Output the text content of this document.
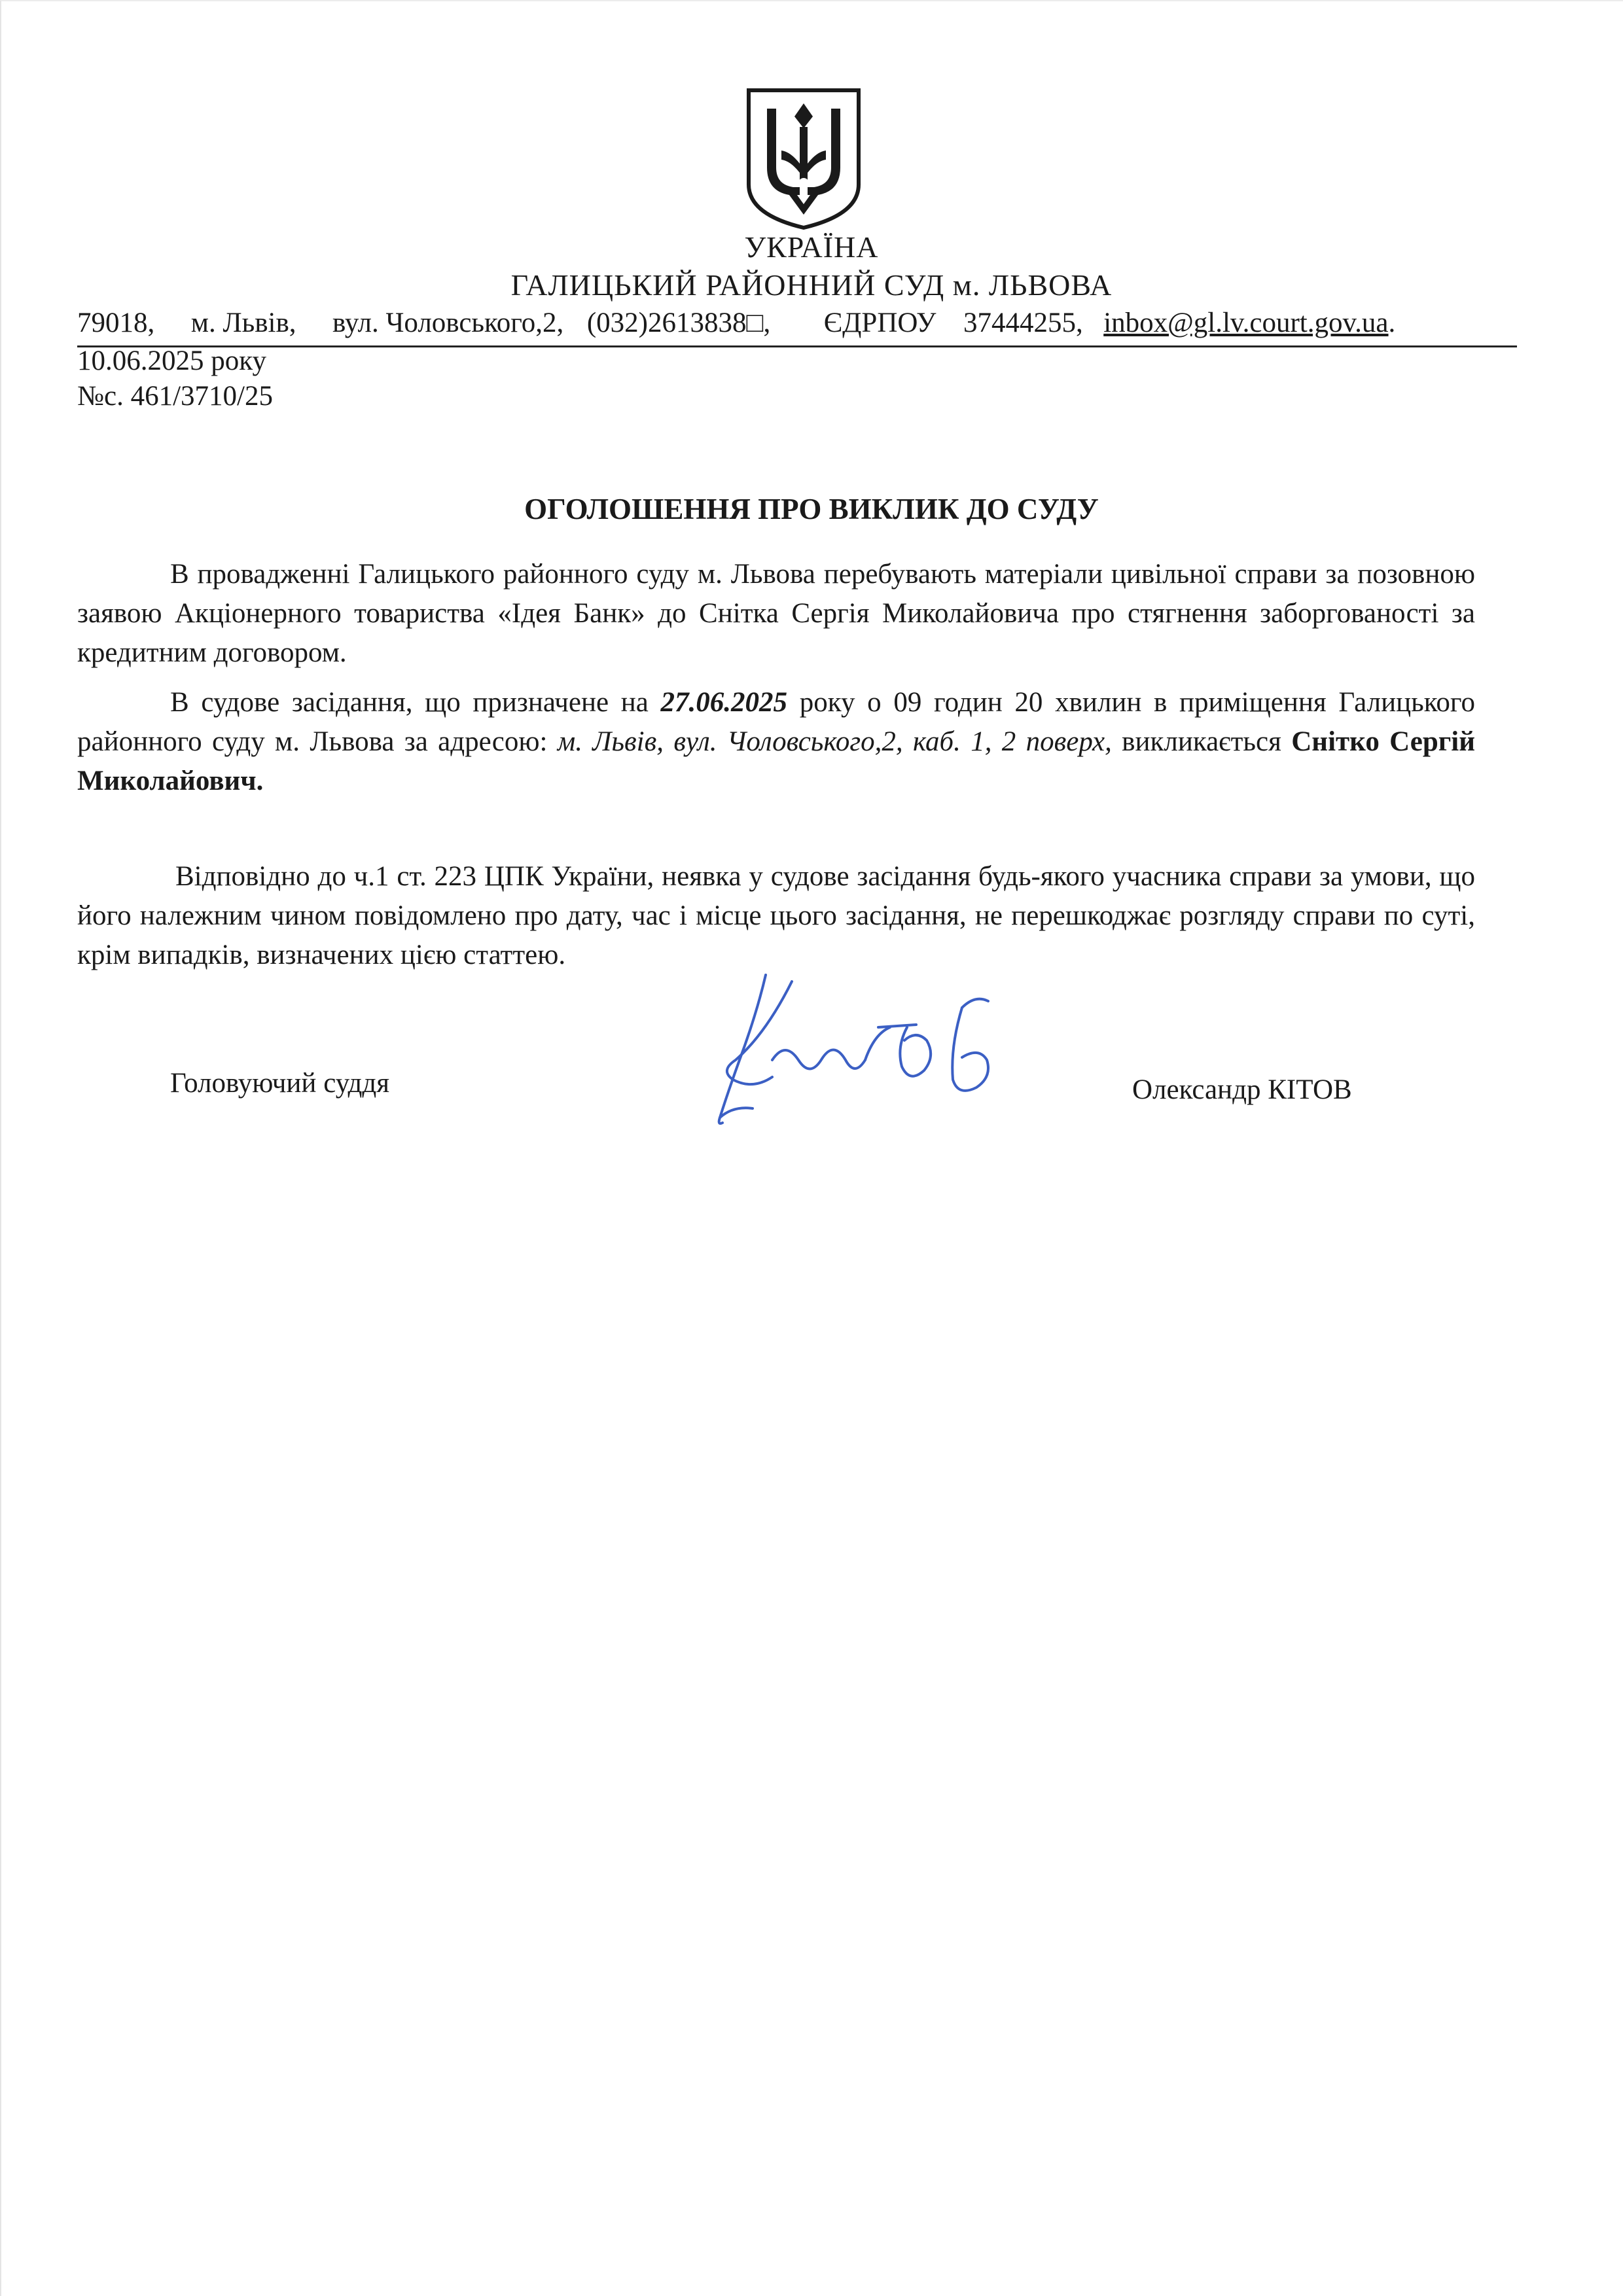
УКРАЇНА
ГАЛИЦЬКИЙ РАЙОННИЙ СУД м. ЛЬВОВА
79018, м. Львів, вул. Чоловського,2, (032)2613838□, ЄДРПОУ 37444255, inbox@gl.lv.court.gov.ua.
10.06.2025 року
№с. 461/3710/25
ОГОЛОШЕННЯ ПРО ВИКЛИК ДО СУДУ
В провадженні Галицького районного суду м. Львова перебувають матеріали цивільної справи за позовною заявою Акціонерного товариства «Ідея Банк» до Снітка Сергія Миколайовича про стягнення заборгованості за кредитним договором.
В судове засідання, що призначене на 27.06.2025 року о 09 годин 20 хвилин в приміщення Галицького районного суду м. Львова за адресою: м. Львів, вул. Чоловського,2, каб. 1, 2 поверх, викликається Снітко Сергій Миколайович.
Відповідно до ч.1 ст. 223 ЦПК України, неявка у судове засідання будь-якого учасника справи за умови, що його належним чином повідомлено про дату, час і місце цього засідання, не перешкоджає розгляду справи по суті, крім випадків, визначених цією статтею.
Головуючий суддя	Олександр КІТОВ
